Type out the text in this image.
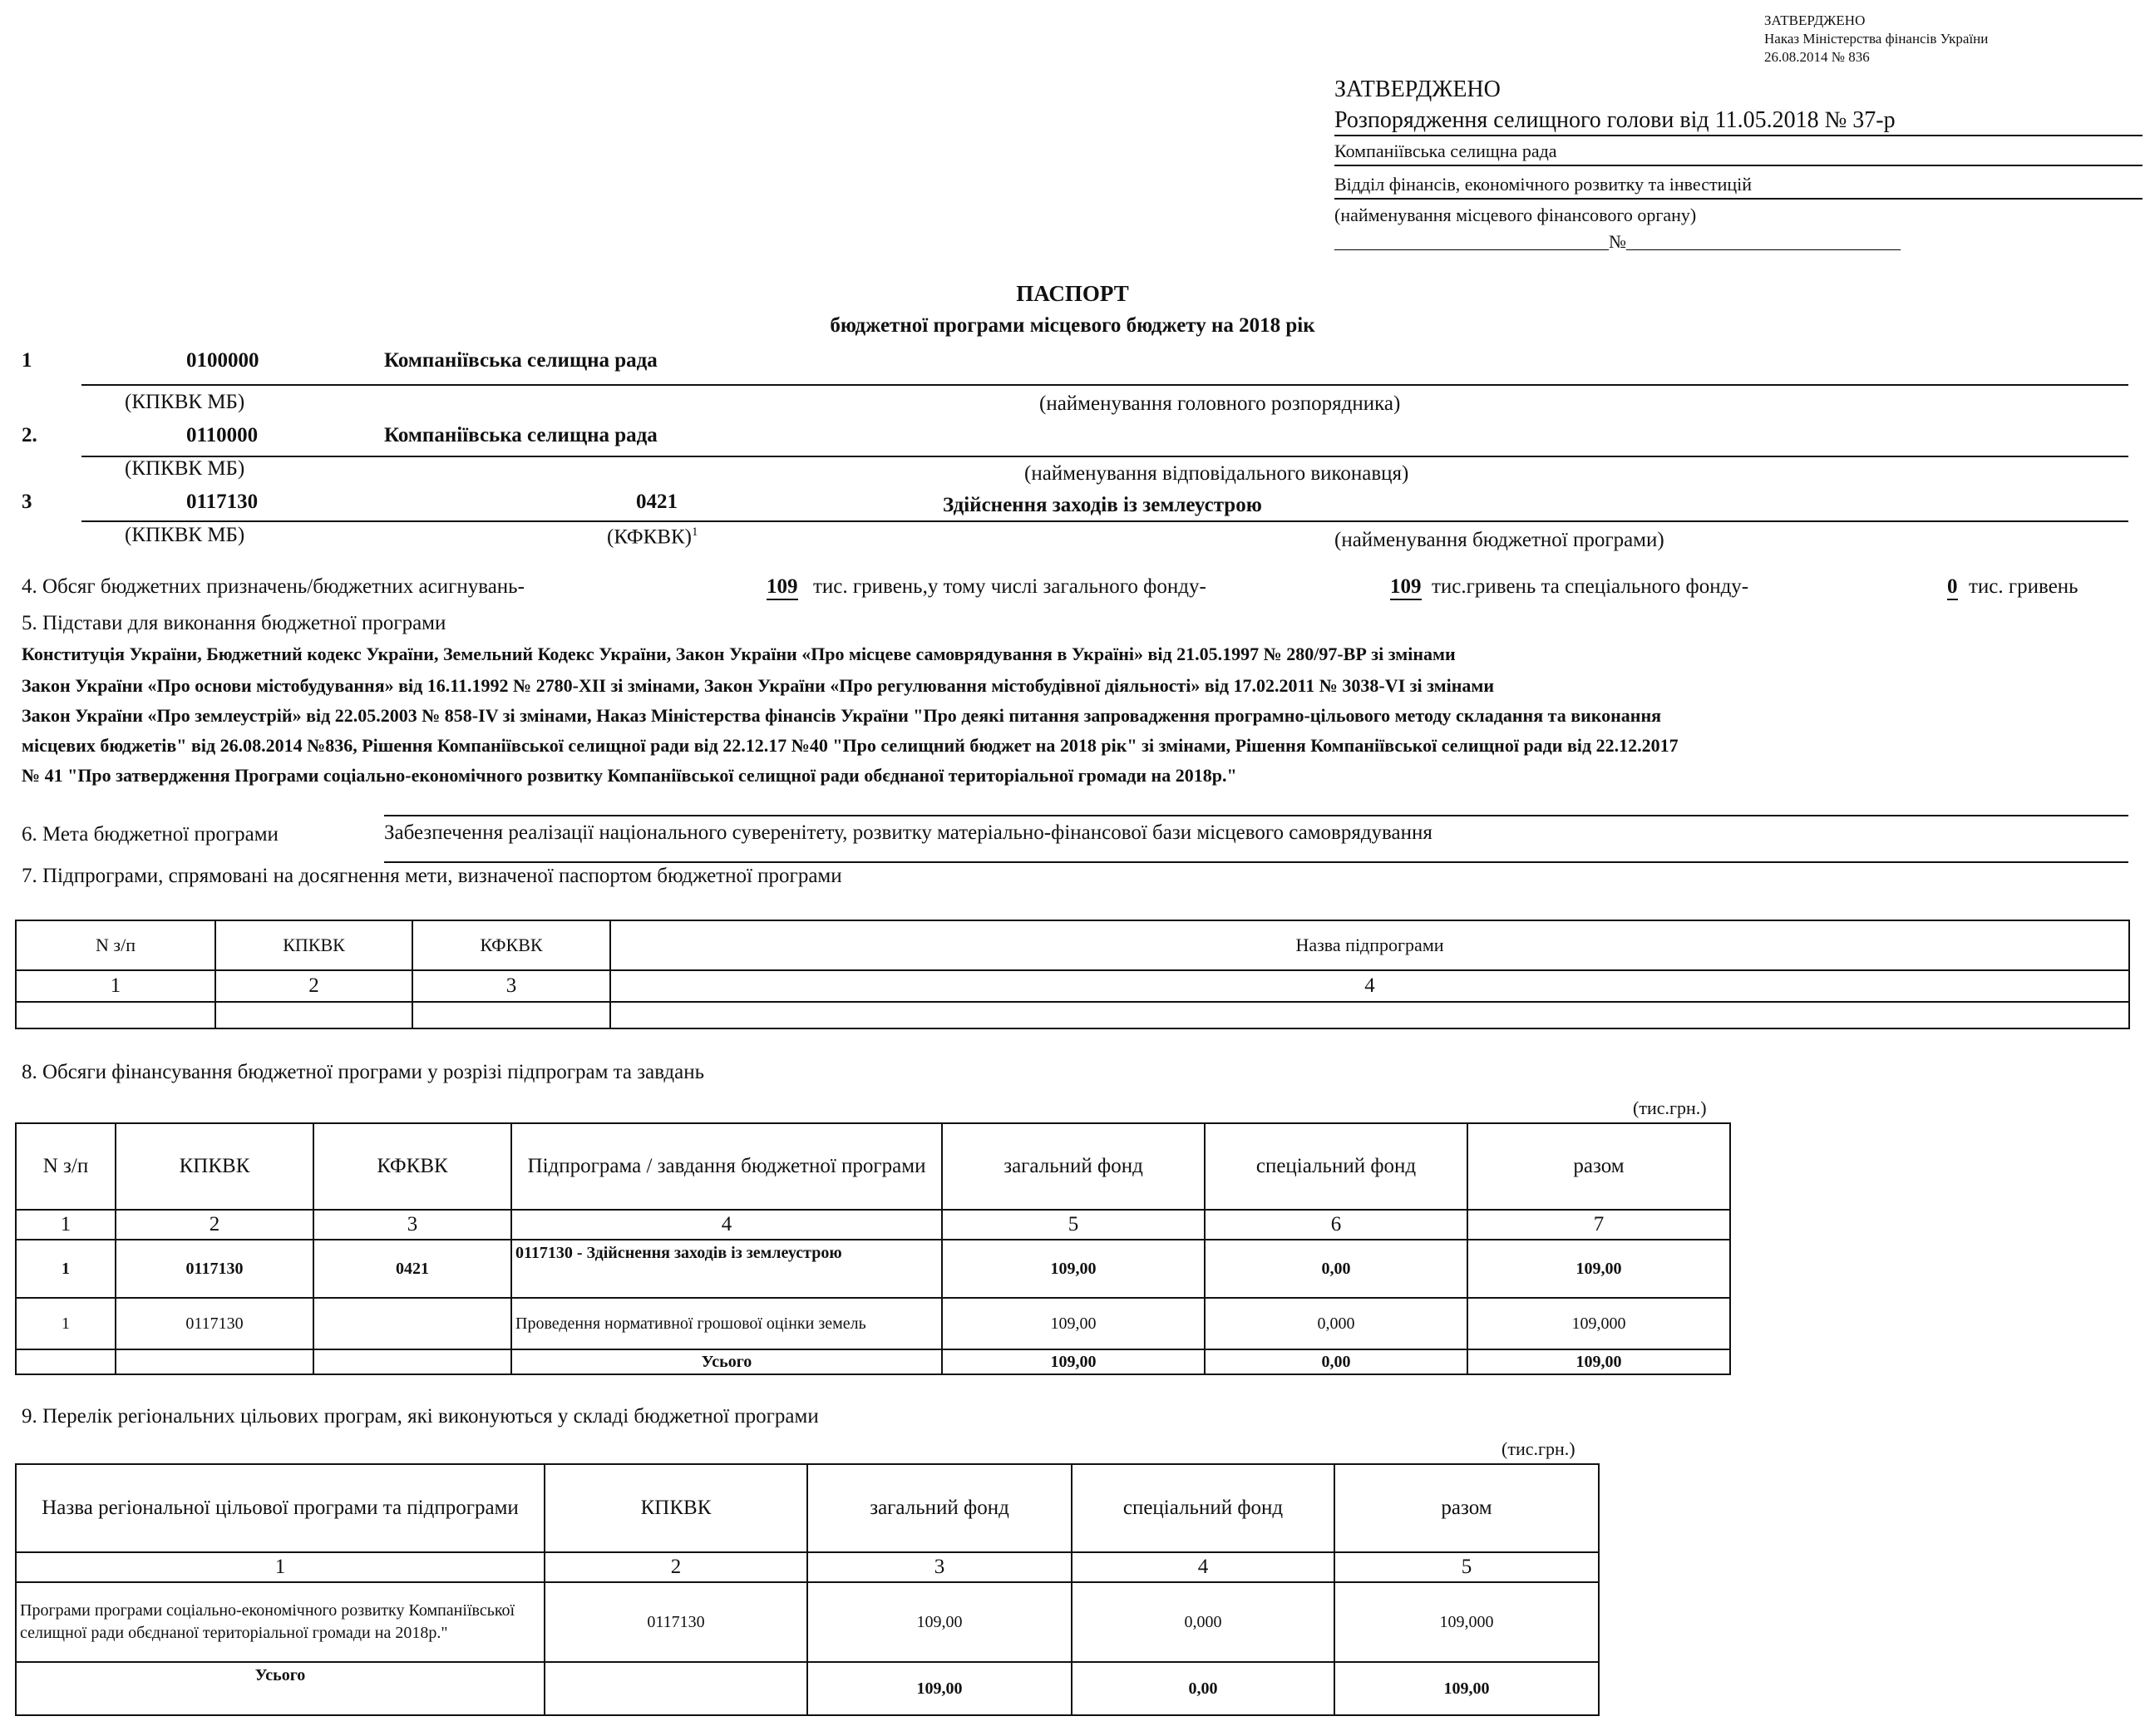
ЗАТВЕРДЖЕНО
Наказ Міністерства фінансів України
26.08.2014 № 836
ЗАТВЕРДЖЕНО
Розпорядження селищного голови від 11.05.2018 № 37-р
Компаніївська селищна рада
Відділ фінансів, економічного розвитку та інвестицій
(найменування місцевого фінансового органу)
______________________________№______________________________
ПАСПОРТ
бюджетної програми місцевого бюджету на 2018 рік
1	0100000	Компаніївська селищна рада
(КПКВК МБ)	(найменування головного розпорядника)
2.	0110000	Компаніївська селищна рада
(КПКВК МБ)	(найменування відповідального виконавця)
3	0117130	0421	Здійснення заходів із землеустрою
(КПКВК МБ)	(КФКВК)$^1$	(найменування бюджетної програми)
4. Обсяг бюджетних призначень/бюджетних асигнувань-	109 тис. гривень,у тому числі загального фонду-	109 тис.гривень та спеціального фонду-	0 тис. гривень
5. Підстави для виконання бюджетної програми
Конституція України, Бюджетний кодекс України, Земельний Кодекс України, Закон України «Про місцеве самоврядування в Україні» від 21.05.1997 № 280/97-ВР зі змінами
Закон України «Про основи містобудування» від 16.11.1992 № 2780-XII зі змінами, Закон України «Про регулювання містобудівної діяльності» від 17.02.2011 № 3038-VI зі змінами
Закон України «Про землеустрій» від 22.05.2003 № 858-IV зі змінами, Наказ Міністерства фінансів України "Про деякі питання запровадження програмно-цільового методу складання та виконання
місцевих бюджетів" від 26.08.2014 №836, Рішення Компаніївської селищної ради від 22.12.17 №40 "Про селищний бюджет на 2018 рік" зі змінами, Рішення Компаніївської селищної ради від 22.12.2017
№ 41 "Про затвердження Програми соціально-економічного розвитку Компаніївської селищної ради обєднаної територіальної громади на 2018р."
6. Мета бюджетної програми	Забезпечення реалізації національного суверенітету, розвитку матеріально-фінансової бази місцевого самоврядування
7. Підпрограми, спрямовані на досягнення мети, визначеної паспортом бюджетної програми
N з/п	КПКВК	КФКВК	Назва підпрограми
1	2	3	4

8. Обсяги фінансування бюджетної програми у розрізі підпрограм та завдань
(тис.грн.)
N з/п	КПКВК	КФКВК	Підпрограма / завдання бюджетної програми	загальний фонд	спеціальний фонд	разом
1	2	3	4	5	6	7
1	0117130	0421	0117130 - Здійснення заходів із землеустрою	109,00	0,00	109,00
1	0117130		Проведення нормативної грошової оцінки земель	109,00	0,000	109,000
			Усього	109,00	0,00	109,00
9. Перелік регіональних цільових програм, які виконуються у складі бюджетної програми
(тис.грн.)
Назва регіональної цільової програми та підпрограми	КПКВК	загальний фонд	спеціальний фонд	разом
1	2	3	4	5
Програми програми соціально-економічного розвитку Компаніївської селищної ради обєднаної територіальної громади на 2018р."	0117130	109,00	0,000	109,000
Усього		109,00	0,00	109,00
